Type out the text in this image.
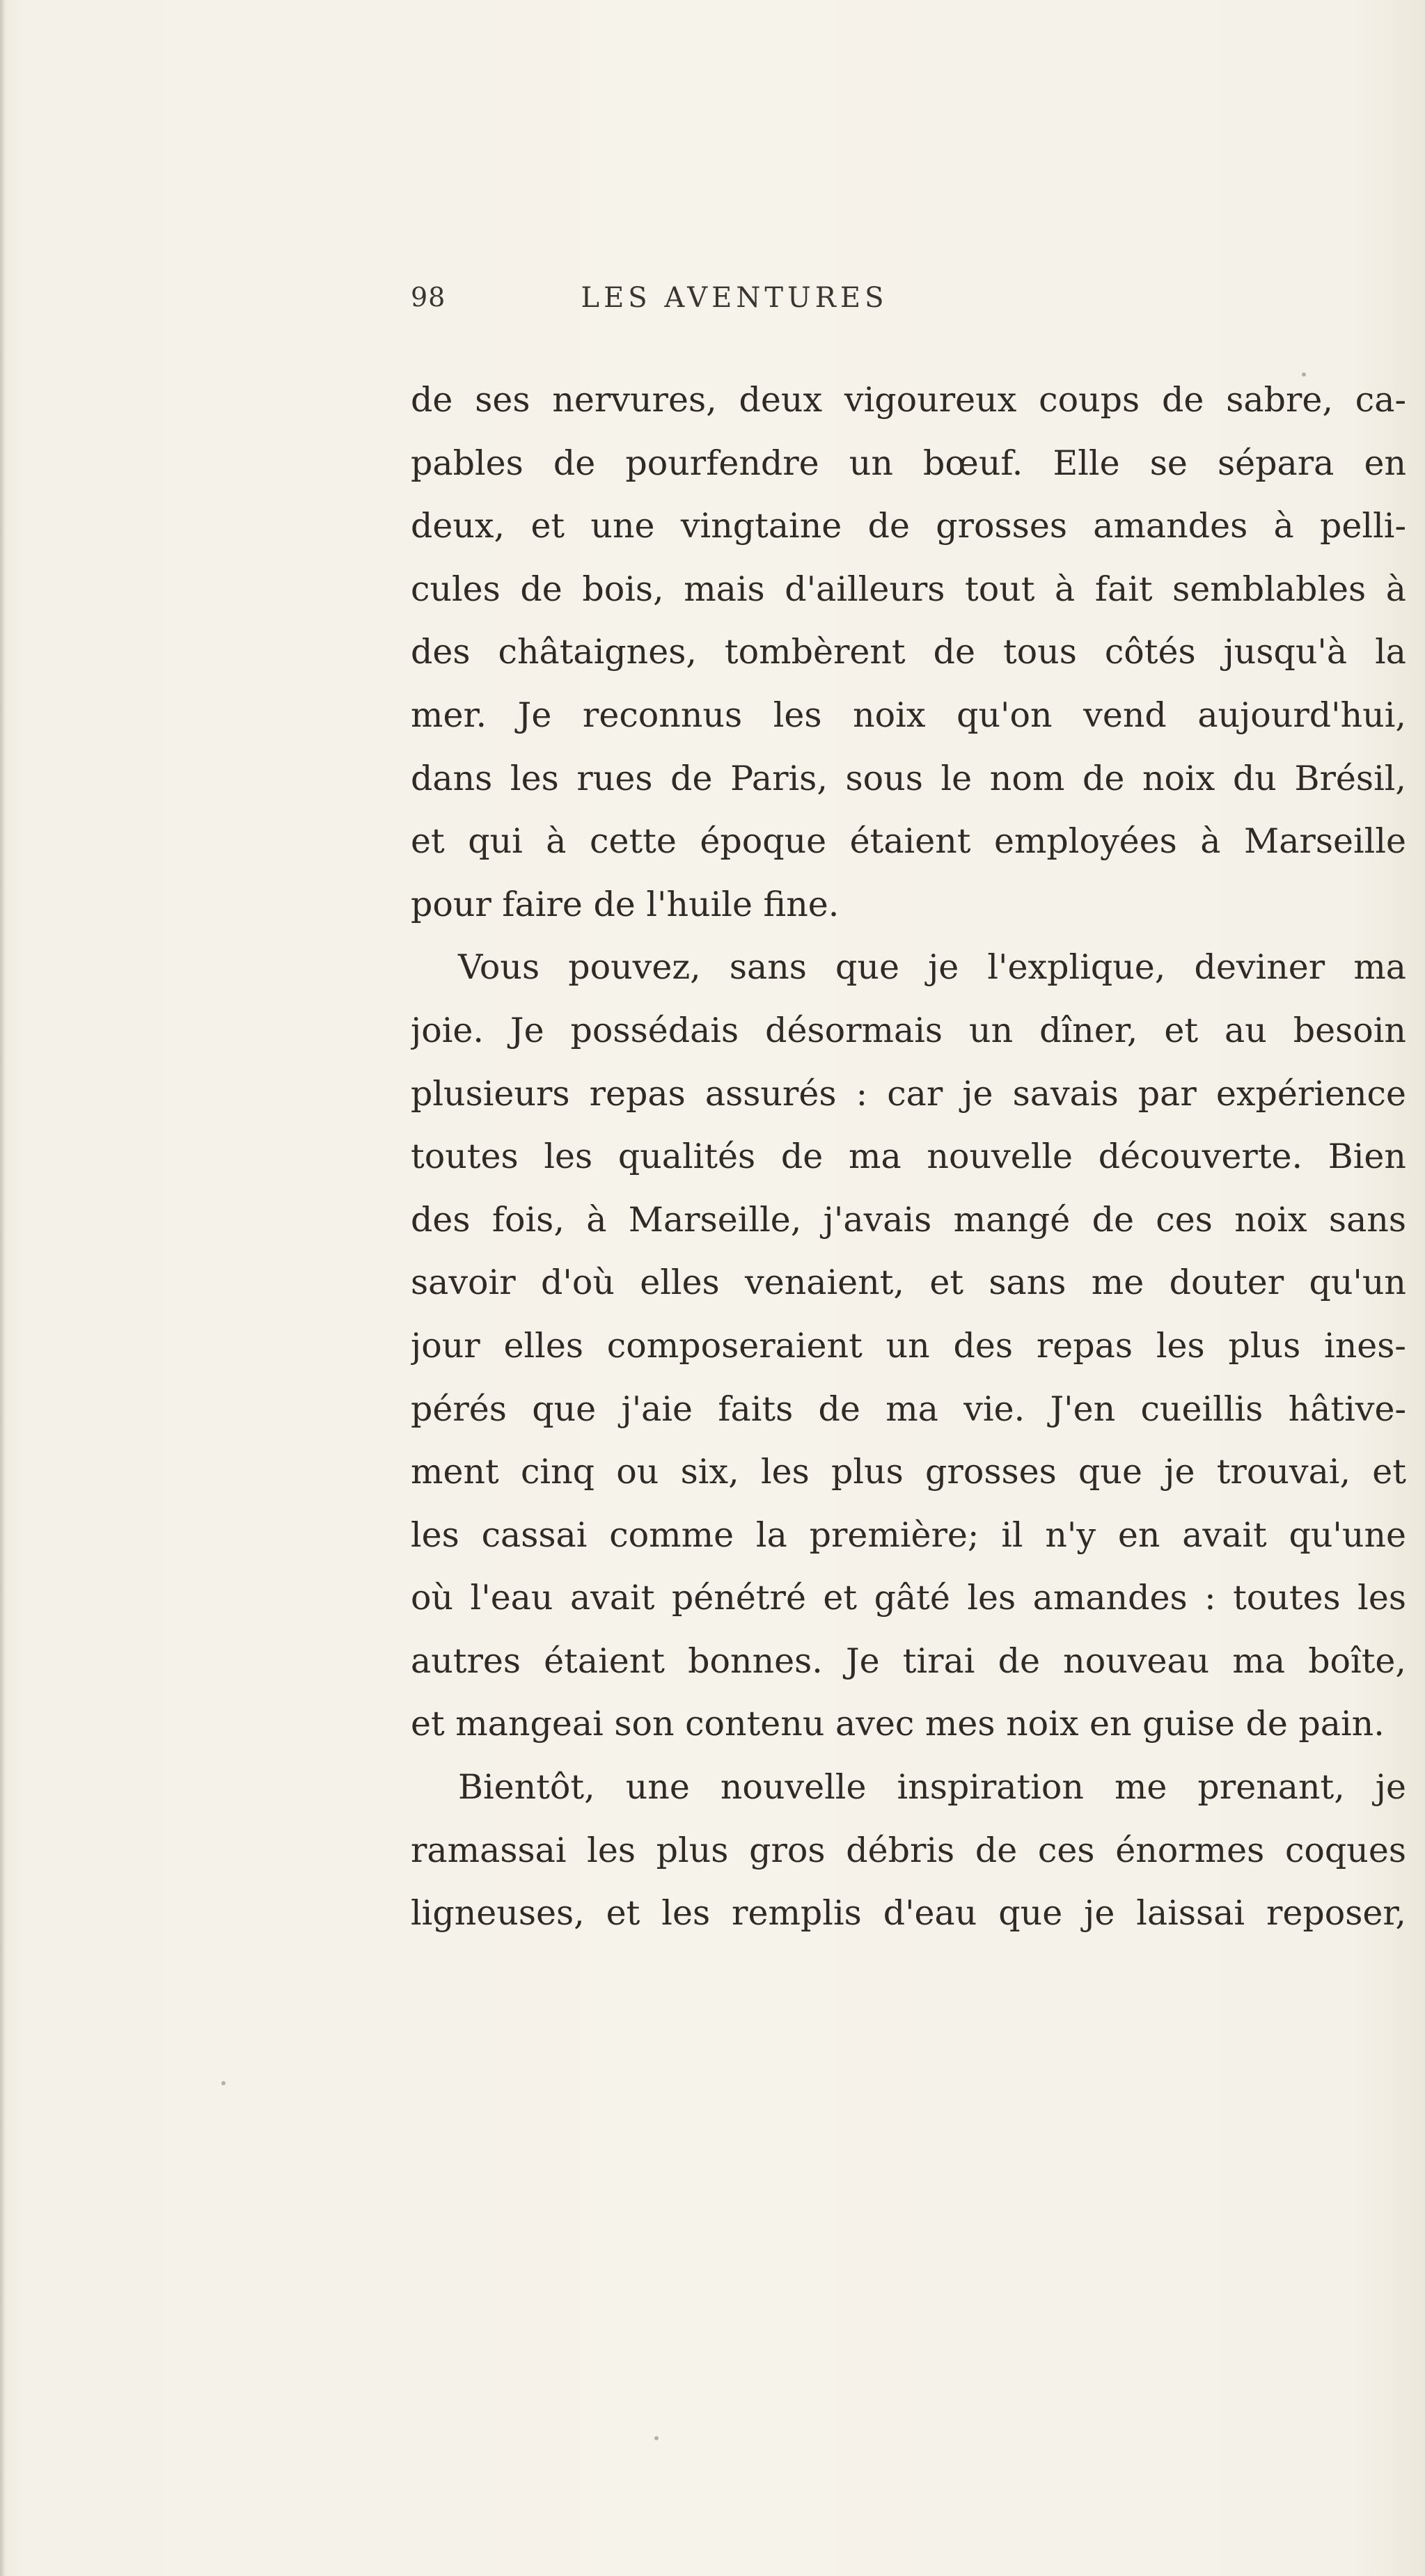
98	LES AVENTURES
de ses nervures, deux vigoureux coups de sabre, ca-
pables de pourfendre un bœuf. Elle se sépara en
deux, et une vingtaine de grosses amandes à pelli-
cules de bois, mais d'ailleurs tout à fait semblables à
des châtaignes, tombèrent de tous côtés jusqu'à la
mer. Je reconnus les noix qu'on vend aujourd'hui,
dans les rues de Paris, sous le nom de noix du Brésil,
et qui à cette époque étaient employées à Marseille
pour faire de l'huile fine.
Vous pouvez, sans que je l'explique, deviner ma
joie. Je possédais désormais un dîner, et au besoin
plusieurs repas assurés : car je savais par expérience
toutes les qualités de ma nouvelle découverte. Bien
des fois, à Marseille, j'avais mangé de ces noix sans
savoir d'où elles venaient, et sans me douter qu'un
jour elles composeraient un des repas les plus ines-
pérés que j'aie faits de ma vie. J'en cueillis hâtive-
ment cinq ou six, les plus grosses que je trouvai, et
les cassai comme la première; il n'y en avait qu'une
où l'eau avait pénétré et gâté les amandes : toutes les
autres étaient bonnes. Je tirai de nouveau ma boîte,
et mangeai son contenu avec mes noix en guise de pain.
Bientôt, une nouvelle inspiration me prenant, je
ramassai les plus gros débris de ces énormes coques
ligneuses, et les remplis d'eau que je laissai reposer,
